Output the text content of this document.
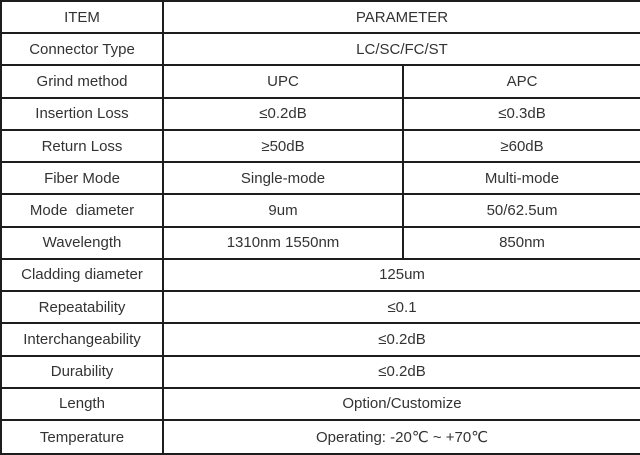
ITEM	PARAMETER	
Connector Type	LC/SC/FC/ST	
Grind method	UPC	APC
Insertion Loss	≤0.2dB	≤0.3dB
Return Loss	≥50dB	≥60dB
Fiber Mode	Single-mode	Multi-mode
Mode  diameter	9um	50/62.5um
Wavelength	1310nm 1550nm	850nm
Cladding diameter	125um	
Repeatability	≤0.1	
Interchangeability	≤0.2dB	
Durability	≤0.2dB	
Length	Option/Customize	
Temperature	Operating: -20℃ ~ +70℃	
